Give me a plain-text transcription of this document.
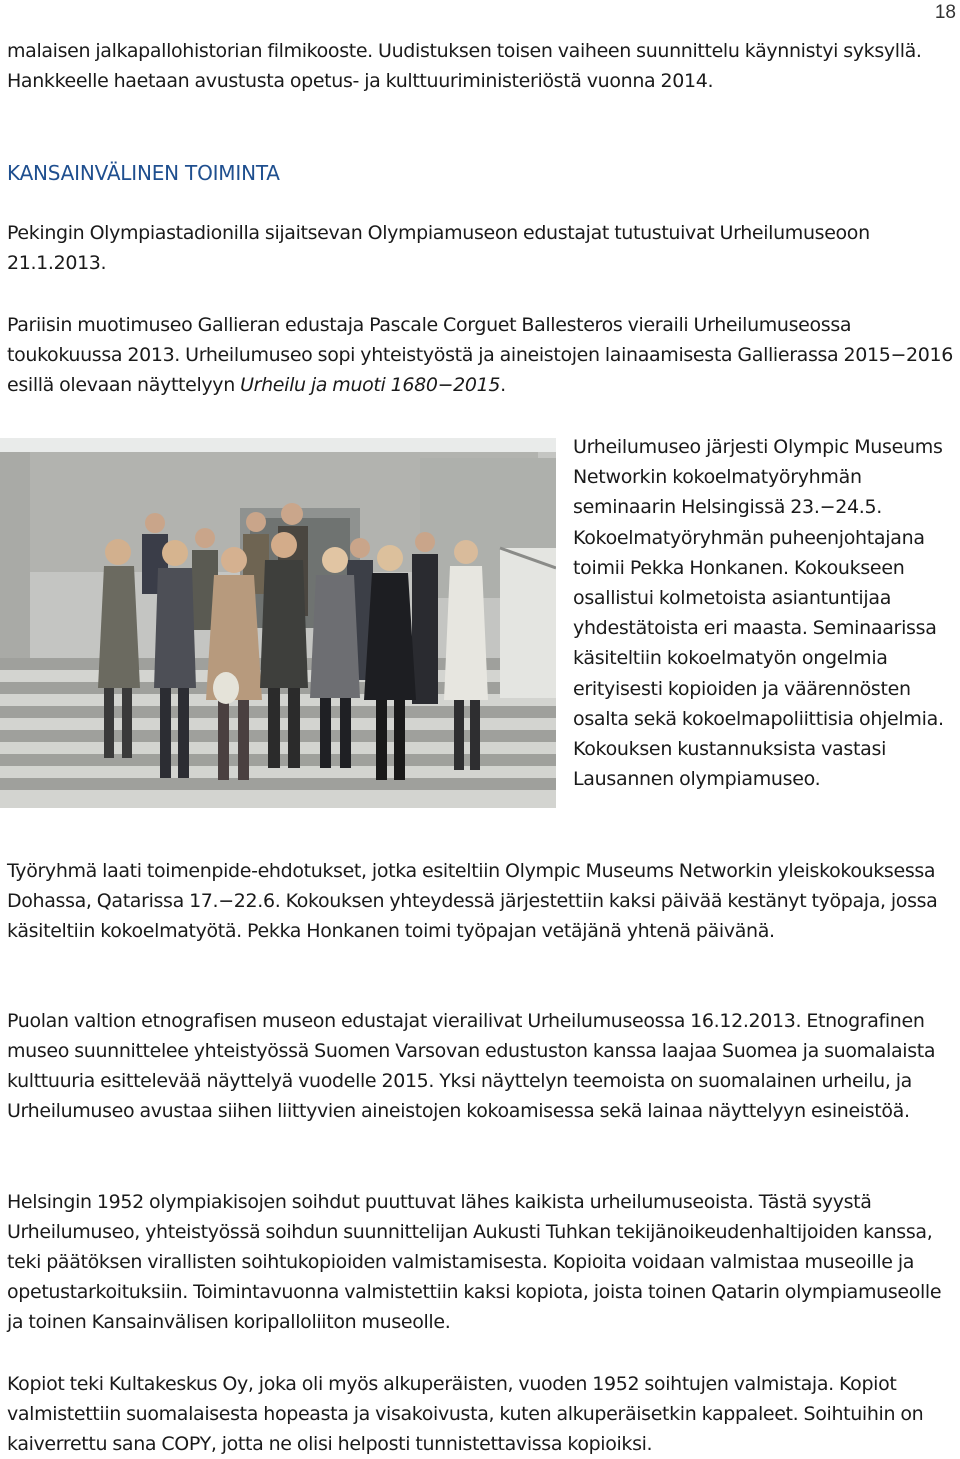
18

malaisen jalkapallohistorian filmikooste. Uudistuksen toisen vaiheen suunnittelu käynnistyi syksyllä. Hankkeelle haetaan avustusta opetus- ja kulttuuriministeriöstä vuonna 2014.

KANSAINVÄLINEN TOIMINTA

Pekingin Olympiastadionilla sijaitsevan Olympiamuseon edustajat tutustuivat Urheilumuseoon 21.1.2013.

Pariisin muotimuseo Gallieran edustaja Pascale Corguet Ballesteros vieraili Urheilumuseossa toukokuussa 2013. Urheilumuseo sopi yhteistyöstä ja aineistojen lainaamisesta Gallierassa 2015−2016 esillä olevaan näyttelyyn Urheilu ja muoti 1680−2015.

Urheilumuseo järjesti Olympic Museums Networkin kokoelmatyöryhmän seminaarin Helsingissä 23.−24.5. Kokoelmatyöryhmän puheenjohtajana toimii Pekka Honkanen. Kokoukseen osallistui kolmetoista asiantuntijaa yhdestätoista eri maasta. Seminaarissa käsiteltiin kokoelmatyön ongelmia erityisesti kopioiden ja väärennösten osalta sekä kokoelmapoliittisia ohjelmia. Kokouksen kustannuksista vastasi Lausannen olympiamuseo.

Työryhmä laati toimenpide-ehdotukset, jotka esiteltiin Olympic Museums Networkin yleiskokouksessa Dohassa, Qatarissa 17.−22.6. Kokouksen yhteydessä järjestettiin kaksi päivää kestänyt työpaja, jossa käsiteltiin kokoelmatyötä. Pekka Honkanen toimi työpajan vetäjänä yhtenä päivänä.

Puolan valtion etnografisen museon edustajat vierailivat Urheilumuseossa 16.12.2013. Etnografinen museo suunnittelee yhteistyössä Suomen Varsovan edustuston kanssa laajaa Suomea ja suomalaista kulttuuria esittelevää näyttelyä vuodelle 2015. Yksi näyttelyn teemoista on suomalainen urheilu, ja Urheilumuseo avustaa siihen liittyvien aineistojen kokoamisessa sekä lainaa näyttelyyn esineistöä.

Helsingin 1952 olympiakisojen soihdut puuttuvat lähes kaikista urheilumuseoista. Tästä syystä Urheilumuseo, yhteistyössä soihdun suunnittelijan Aukusti Tuhkan tekijänoikeudenhaltijoiden kanssa, teki päätöksen virallisten soihtukopioiden valmistamisesta. Kopioita voidaan valmistaa museoille ja opetustarkoituksiin. Toimintavuonna valmistettiin kaksi kopiota, joista toinen Qatarin olympiamuseolle ja toinen Kansainvälisen koripalloliiton museolle.

Kopiot teki Kultakeskus Oy, joka oli myös alkuperäisten, vuoden 1952 soihtujen valmistaja. Kopiot valmistettiin suomalaisesta hopeasta ja visakoivusta, kuten alkuperäisetkin kappaleet. Soihtuihin on kaiverrettu sana COPY, jotta ne olisi helposti tunnistettavissa kopioiksi.
